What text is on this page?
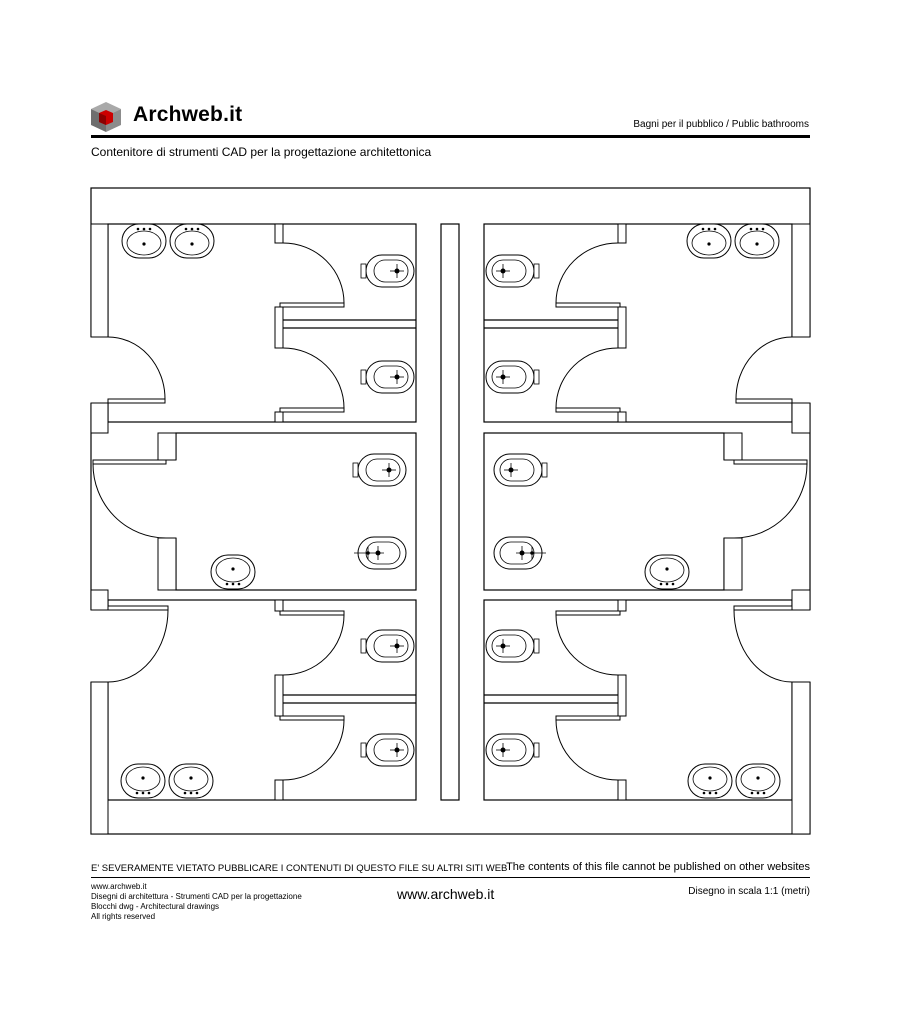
Archweb.it	Bagni per il pubblico / Public bathrooms
Contenitore di strumenti CAD per la progettazione architettonica
E' SEVERAMENTE VIETATO PUBBLICARE I CONTENUTI DI QUESTO FILE SU ALTRI SITI WEB
The contents of this file cannot be published on other websites
www.archweb.it
Disegni di architettura - Strumenti CAD per la progettazione
Blocchi dwg - Architectural drawings
All rights reserved
www.archweb.it	Disegno in scala 1:1 (metri)
